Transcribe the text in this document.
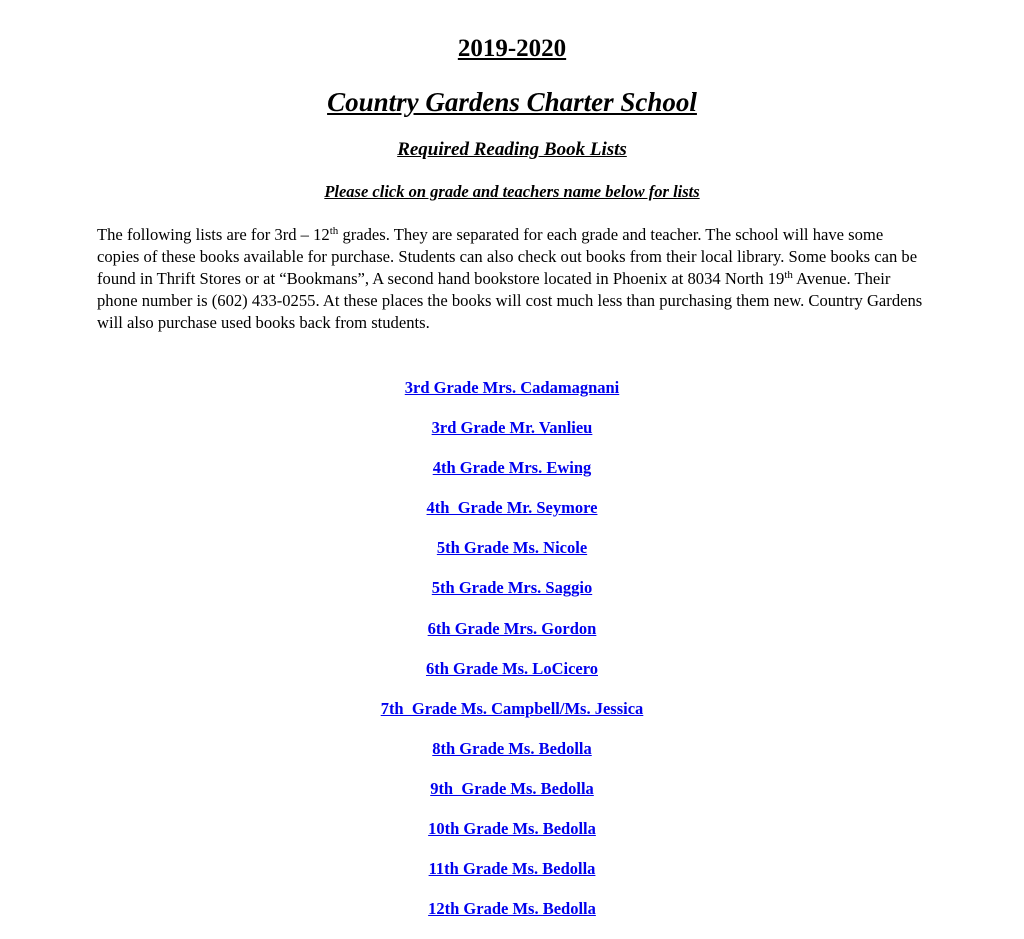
2019-2020
Country Gardens Charter School
Required Reading Book Lists
Please click on grade and teachers name below for lists

The following lists are for 3rd – 12th grades. They are separated for each grade and teacher. The school will have some copies of these books available for purchase. Students can also check out books from their local library. Some books can be found in Thrift Stores or at “Bookmans”, A second hand bookstore located in Phoenix at 8034 North 19th Avenue. Their phone number is (602) 433-0255. At these places the books will cost much less than purchasing them new. Country Gardens will also purchase used books back from students.

3rd Grade Mrs. Cadamagnani
3rd Grade Mr. Vanlieu
4th Grade Mrs. Ewing
4th  Grade Mr. Seymore
5th Grade Ms. Nicole
5th Grade Mrs. Saggio
6th Grade Mrs. Gordon
6th Grade Ms. LoCicero
7th  Grade Ms. Campbell/Ms. Jessica
8th Grade Ms. Bedolla
9th  Grade Ms. Bedolla
10th Grade Ms. Bedolla
11th Grade Ms. Bedolla
12th Grade Ms. Bedolla
